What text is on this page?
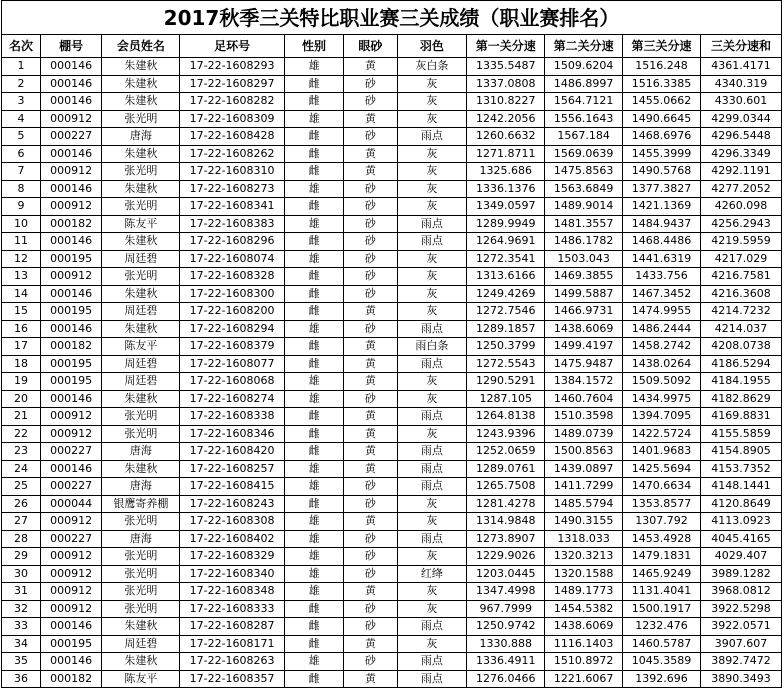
2017秋季三关特比职业赛三关成绩（职业赛排名）
名次	棚号	会员姓名	足环号	性别	眼砂	羽色	第一关分速	第二关分速	第三关分速	三关分速和
1	000146	朱建秋	17-22-1608293	雄	黄	灰白条	1335.5487	1509.6204	1516.248	4361.4171
2	000146	朱建秋	17-22-1608297	雌	砂	灰	1337.0808	1486.8997	1516.3385	4340.319
3	000146	朱建秋	17-22-1608282	雌	砂	灰	1310.8227	1564.7121	1455.0662	4330.601
4	000912	张光明	17-22-1608309	雄	黄	灰	1242.2056	1556.1643	1490.6645	4299.0344
5	000227	唐海	17-22-1608428	雌	砂	雨点	1260.6632	1567.184	1468.6976	4296.5448
6	000146	朱建秋	17-22-1608262	雌	黄	灰	1271.8711	1569.0639	1455.3999	4296.3349
7	000912	张光明	17-22-1608310	雌	黄	灰	1325.686	1475.8563	1490.5768	4292.1191
8	000146	朱建秋	17-22-1608273	雄	砂	灰	1336.1376	1563.6849	1377.3827	4277.2052
9	000912	张光明	17-22-1608341	雌	砂	灰	1349.0597	1489.9014	1421.1369	4260.098
10	000182	陈友平	17-22-1608383	雄	砂	雨点	1289.9949	1481.3557	1484.9437	4256.2943
11	000146	朱建秋	17-22-1608296	雌	砂	雨点	1264.9691	1486.1782	1468.4486	4219.5959
12	000195	周廷碧	17-22-1608074	雄	砂	灰	1272.3541	1503.043	1441.6319	4217.029
13	000912	张光明	17-22-1608328	雌	砂	灰	1313.6166	1469.3855	1433.756	4216.7581
14	000146	朱建秋	17-22-1608300	雌	砂	灰	1249.4269	1499.5887	1467.3452	4216.3608
15	000195	周廷碧	17-22-1608200	雌	黄	灰	1272.7546	1466.9731	1474.9955	4214.7232
16	000146	朱建秋	17-22-1608294	雄	砂	雨点	1289.1857	1438.6069	1486.2444	4214.037
17	000182	陈友平	17-22-1608379	雌	黄	雨白条	1250.3799	1499.4197	1458.2742	4208.0738
18	000195	周廷碧	17-22-1608077	雌	黄	雨点	1272.5543	1475.9487	1438.0264	4186.5294
19	000195	周廷碧	17-22-1608068	雄	黄	灰	1290.5291	1384.1572	1509.5092	4184.1955
20	000146	朱建秋	17-22-1608274	雄	砂	灰	1287.105	1460.7604	1434.9975	4182.8629
21	000912	张光明	17-22-1608338	雌	黄	雨点	1264.8138	1510.3598	1394.7095	4169.8831
22	000912	张光明	17-22-1608346	雌	黄	灰	1243.9396	1489.0739	1422.5724	4155.5859
23	000227	唐海	17-22-1608420	雌	黄	雨点	1252.0659	1500.8563	1401.9683	4154.8905
24	000146	朱建秋	17-22-1608257	雄	黄	雨点	1289.0761	1439.0897	1425.5694	4153.7352
25	000227	唐海	17-22-1608415	雄	砂	雨点	1265.7508	1411.7299	1470.6634	4148.1441
26	000044	银鹰寄养棚	17-22-1608243	雌	砂	灰	1281.4278	1485.5794	1353.8577	4120.8649
27	000912	张光明	17-22-1608308	雄	黄	灰	1314.9848	1490.3155	1307.792	4113.0923
28	000227	唐海	17-22-1608402	雄	砂	雨点	1273.8907	1318.033	1453.4928	4045.4165
29	000912	张光明	17-22-1608329	雄	砂	灰	1229.9026	1320.3213	1479.1831	4029.407
30	000912	张光明	17-22-1608340	雄	砂	红绛	1203.0445	1320.1588	1465.9249	3989.1282
31	000912	张光明	17-22-1608348	雄	黄	灰	1347.4998	1489.1773	1131.4041	3968.0812
32	000912	张光明	17-22-1608333	雌	砂	灰	967.7999	1454.5382	1500.1917	3922.5298
33	000146	朱建秋	17-22-1608287	雌	砂	雨点	1250.9742	1438.6069	1232.476	3922.0571
34	000195	周廷碧	17-22-1608171	雌	黄	灰	1330.888	1116.1403	1460.5787	3907.607
35	000146	朱建秋	17-22-1608263	雄	砂	雨点	1336.4911	1510.8972	1045.3589	3892.7472
36	000182	陈友平	17-22-1608357	雌	黄	雨点	1276.0466	1221.6067	1392.696	3890.3493
